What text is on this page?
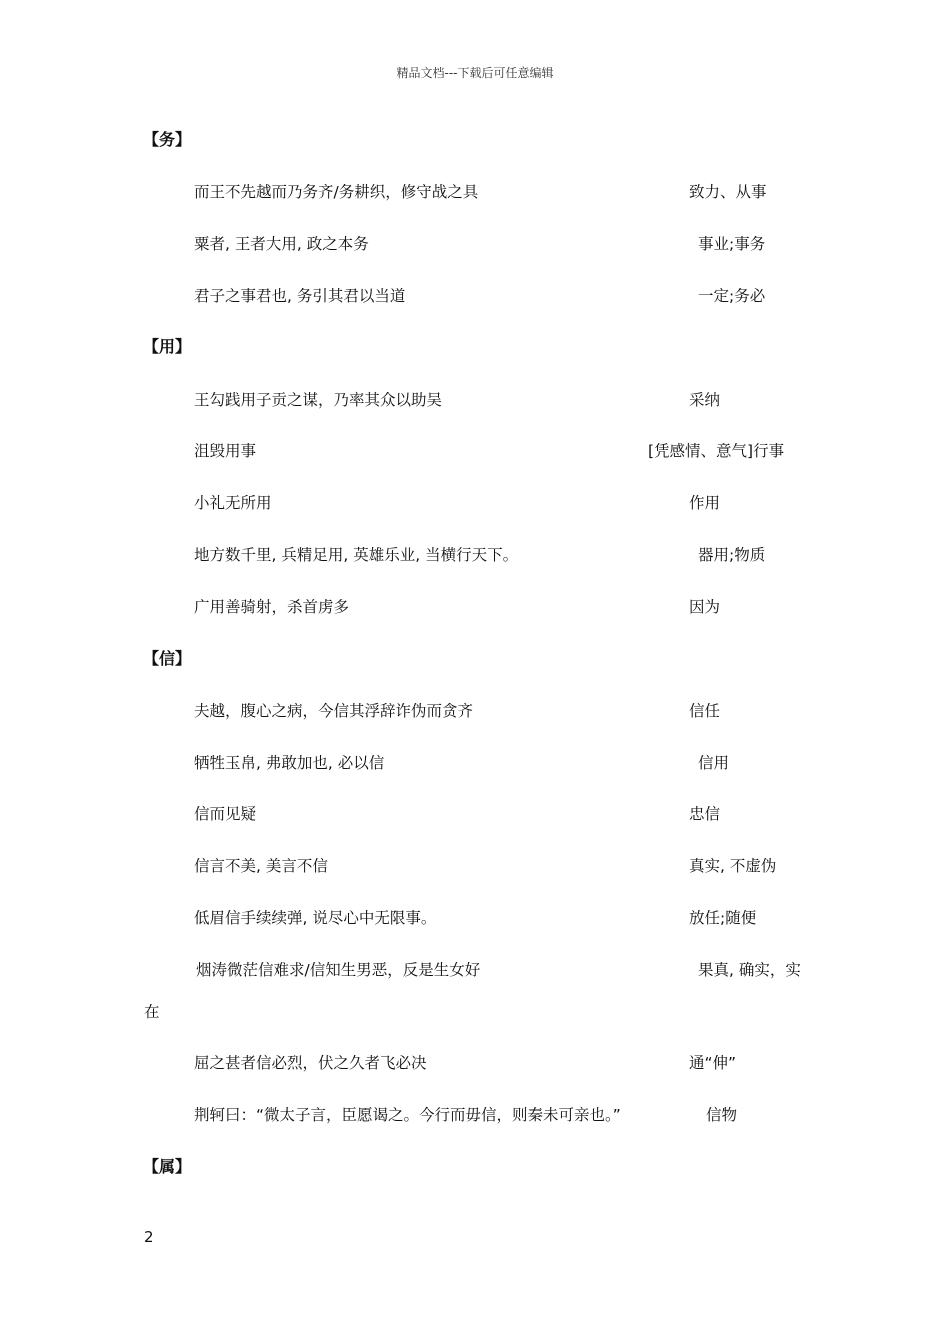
精品文档---下载后可任意编辑
【务】
而王不先越而乃务齐/务耕织，修守战之具	致力、从事
粟者, 王者大用, 政之本务	事业;事务
君子之事君也, 务引其君以当道	一定;务必
【用】
王勾践用子贡之谋，乃率其众以助吴	采纳
沮毁用事	[凭感情、意气]行事
小礼无所用	作用
地方数千里, 兵精足用, 英雄乐业, 当横行天下。	器用;物质
广用善骑射，杀首虏多	因为
【信】
夫越，腹心之病，今信其浮辞诈伪而贪齐	信任
牺牲玉帛, 弗敢加也, 必以信	信用
信而见疑	忠信
信言不美, 美言不信	真实, 不虚伪
低眉信手续续弹, 说尽心中无限事。	放任;随便
烟涛微茫信难求/信知生男恶，反是生女好	果真, 确实，实
在
屈之甚者信必烈，伏之久者飞必决	通“伸”
荆轲曰：“微太子言，臣愿谒之。今行而毋信，则秦未可亲也。”	信物
【属】
2
